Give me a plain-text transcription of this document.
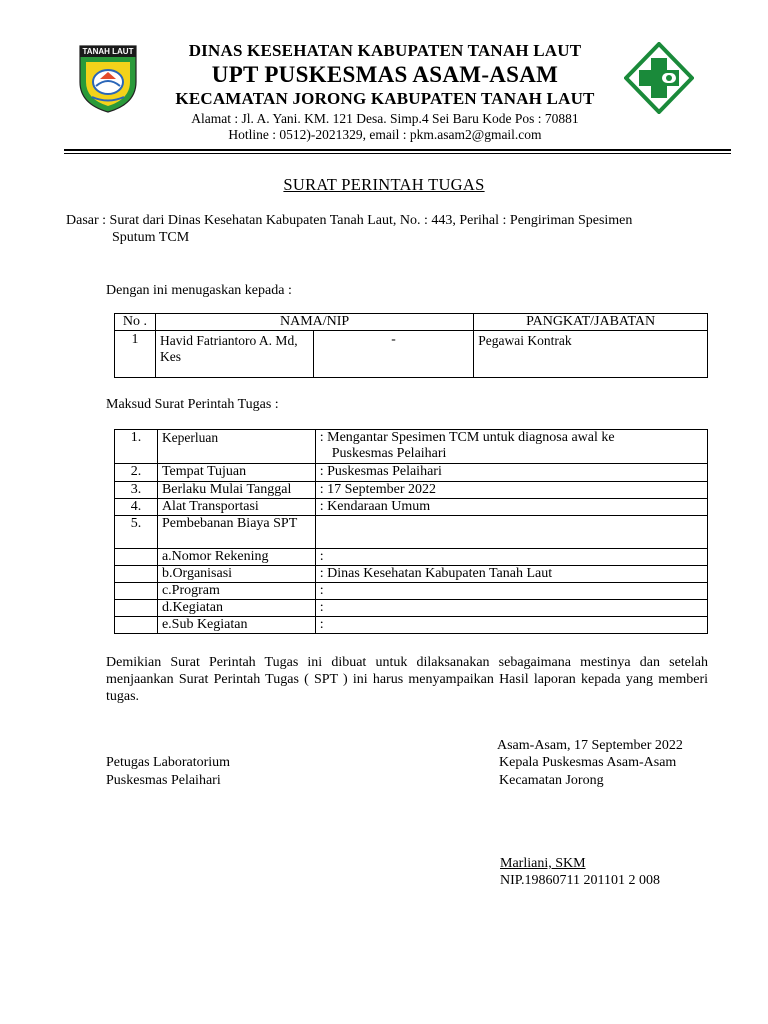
TANAH LAUT	DINAS KESEHATAN KABUPATEN TANAH LAUT
UPT PUSKESMAS ASAM-ASAM
KECAMATAN JORONG KABUPATEN TANAH LAUT
Alamat : Jl. A. Yani. KM. 121 Desa. Simp.4 Sei Baru Kode Pos : 70881
Hotline : 0512)-2021329, email : pkm.asam2@gmail.com
SURAT PERINTAH TUGAS
Dasar : Surat dari Dinas Kesehatan Kabupaten Tanah Laut, No. : 443, Perihal : Pengiriman Spesimen
Sputum TCM
Dengan ini menugaskan kepada :
No .	NAMA/NIP		PANGKAT/JABATAN
1	Havid Fatriantoro A. Md, Kes	-	Pegawai Kontrak
Maksud Surat Perintah Tugas :
1.	Keperluan	: Mengantar Spesimen TCM untuk diagnosa awal ke
Puskesmas Pelaihari

2.	Tempat Tujuan	: Puskesmas Pelaihari
3.	Berlaku Mulai Tanggal	: 17 September 2022
4.	Alat Transportasi	: Kendaraan Umum
5.	Pembebanan Biaya SPT	
	a.Nomor Rekening	:
	b.Organisasi	: Dinas Kesehatan Kabupaten Tanah Laut
	c.Program	:
	d.Kegiatan	:
	e.Sub Kegiatan	:
Demikian Surat Perintah Tugas ini dibuat untuk dilaksanakan sebagaimana mestinya dan setelah menjaankan Surat Perintah Tugas ( SPT ) ini harus menyampaikan Hasil laporan kepada yang memberi tugas.
Petugas Laboratorium
Puskesmas Pelaihari
Asam-Asam, 17 September 2022
Kepala Puskesmas Asam-Asam
Kecamatan Jorong
Marliani, SKM
NIP.19860711 201101 2 008
